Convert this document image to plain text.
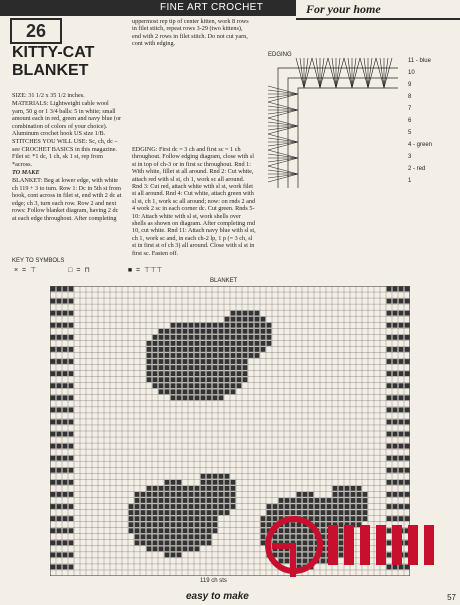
FINE ART CROCHET	For your home
26
KITTY-CAT
BLANKET

SIZE: 31 1/2 x 35 1/2 inches.

MATERIALS: Lightweight cable wool yarn, 50 g or 1 3/4 balls: 5 in white; small amount each in red, green and navy blue (or combination of colors of your choice). Aluminum crochet hook US size 1/B.

STITCHES YOU WILL USE: Sc, ch, dc – see CROCHET BASICS in this magazine. Filet st: *1 dc, 1 ch, sk 1 st, rep from *across.

TO MAKE

BLANKET: Beg at lower edge, with white ch 119 + 3 to turn. Row 1: Dc in 5th st from hook, cont across in filet st, end with 2 dc at edge; ch 3, turn each row. Row 2 and next rows: Follow blanket diagram, having 2 dc at each edge throughout. After completing

uppermost rep tip of center kitten, work 8 rows in filet stitch, repeat rows 3-29 (two kittens), end with 2 rows in filet stitch. Do not cut yarn, cont with edging.

EDGING: First dc = 3 ch and first sc = 1 ch throughout. Follow edging diagram, close with sl st in top of ch-3 or in first sc throughout. Rnd 1: With white, fillet st all around. Rnd 2: Cut white, attach red with sl st, ch 1, work sc all around. Rnd 3: Cut red, attach white with sl st, work filet st all around. Rnd 4: Cut white, attach green with sl st, ch 1, work sc all around; now: on rnds 2 and 4 work 2 sc in each corner dc. Cut green. Rnds 5-10: Attach white with sl st, work shells over shells as shown on diagram. After completing rnd 10, cut white. Rnd 11: Attach navy blue with sl st, ch 1, work sc and, in each ch-2 lp, 1 p (= 3 ch, sl st in first st of ch 3) all around. Close with sl st in first sc. Fasten off.

EDGING
11 - blue
10
9
8
7
6
5
4 - green
3
2 - red
1
KEY TO SYMBOLS
× = ⊤	□ = ⊓	■ = ⊤⊤⊤
BLANKET
119 ch sts
easy to make	57
